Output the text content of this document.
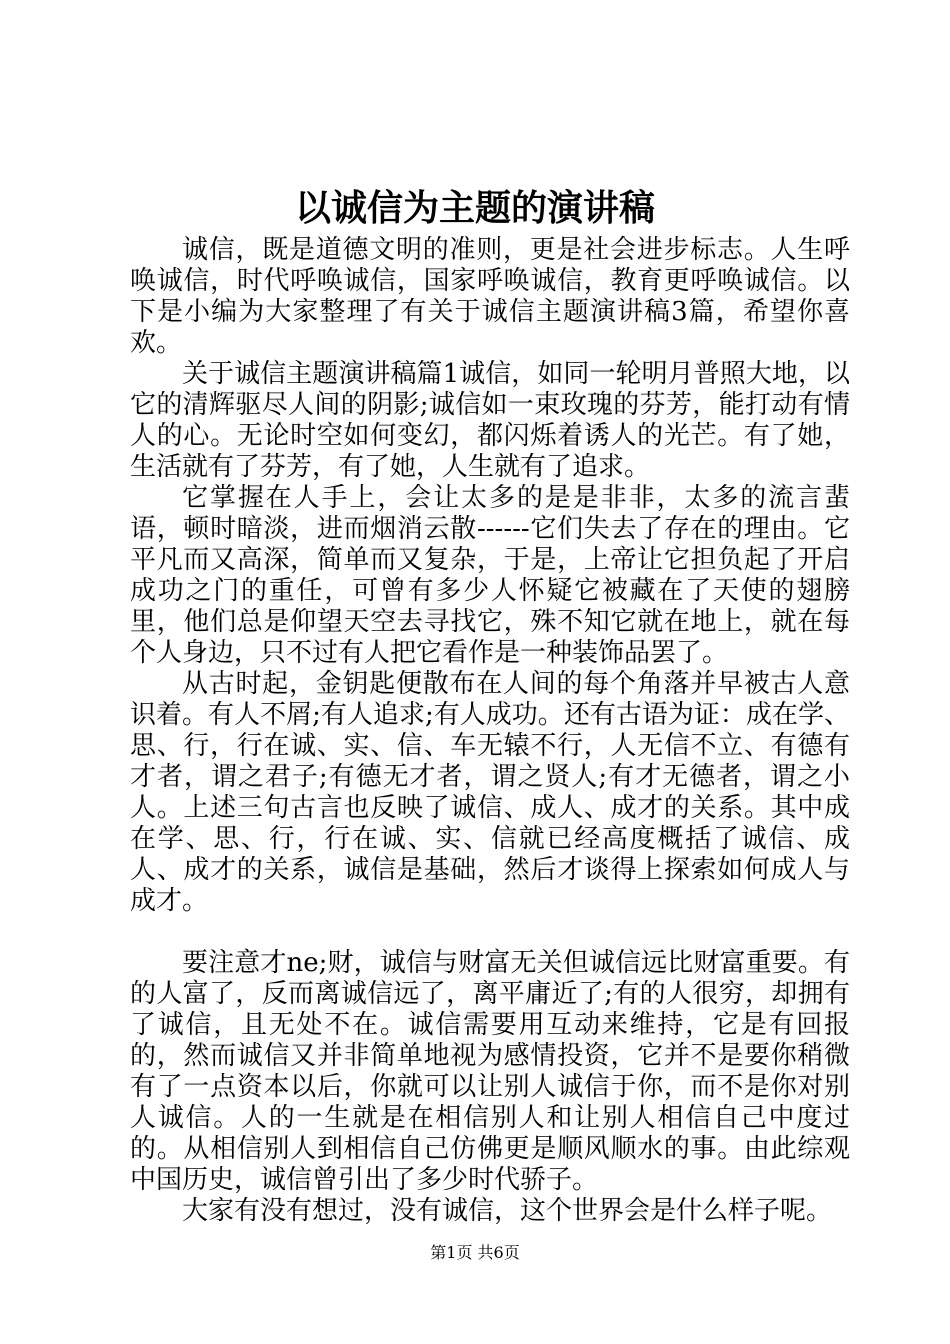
以诚信为主题的演讲稿

诚信，既是道德文明的准则，更是社会进步标志。人生呼唤诚信，时代呼唤诚信，国家呼唤诚信，教育更呼唤诚信。以下是小编为大家整理了有关于诚信主题演讲稿3篇，希望你喜欢。

关于诚信主题演讲稿篇1诚信，如同一轮明月普照大地，以它的清辉驱尽人间的阴影;诚信如一束玫瑰的芬芳，能打动有情人的心。无论时空如何变幻，都闪烁着诱人的光芒。有了她，生活就有了芬芳，有了她，人生就有了追求。

它掌握在人手上，会让太多的是是非非，太多的流言蜚语，顿时暗淡，进而烟消云散------它们失去了存在的理由。它平凡而又高深，简单而又复杂，于是，上帝让它担负起了开启成功之门的重任，可曾有多少人怀疑它被藏在了天使的翅膀里，他们总是仰望天空去寻找它，殊不知它就在地上，就在每个人身边，只不过有人把它看作是一种装饰品罢了。

从古时起，金钥匙便散布在人间的每个角落并早被古人意识着。有人不屑;有人追求;有人成功。还有古语为证：成在学、思、行，行在诚、实、信、车无辕不行，人无信不立、有德有才者，谓之君子;有德无才者，谓之贤人;有才无德者，谓之小人。上述三句古言也反映了诚信、成人、成才的关系。其中成在学、思、行，行在诚、实、信就已经高度概括了诚信、成人、成才的关系，诚信是基础，然后才谈得上探索如何成人与成才。

要注意才ne;财，诚信与财富无关但诚信远比财富重要。有的人富了，反而离诚信远了，离平庸近了;有的人很穷，却拥有了诚信，且无处不在。诚信需要用互动来维持，它是有回报的，然而诚信又并非简单地视为感情投资，它并不是要你稍微有了一点资本以后，你就可以让别人诚信于你，而不是你对别人诚信。人的一生就是在相信别人和让别人相信自己中度过的。从相信别人到相信自己仿佛更是顺风顺水的事。由此综观中国历史，诚信曾引出了多少时代骄子。

大家有没有想过，没有诚信，这个世界会是什么样子呢。

第1页 共6页
